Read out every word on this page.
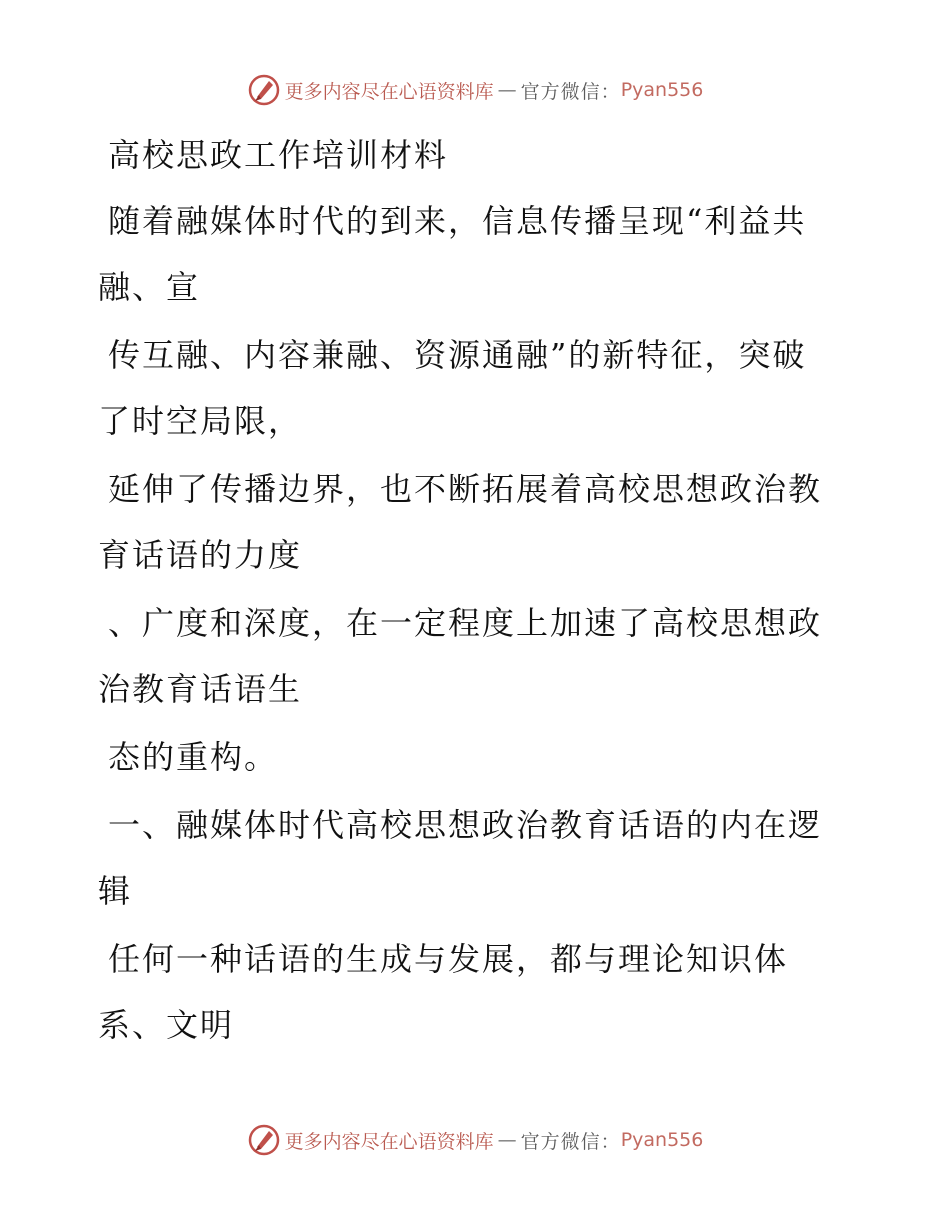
更多内容尽在心语资料库 — 官方微信： Pyan556
高校思政工作培训材料
随着融媒体时代的到来，信息传播呈现“利益共
融、宣
传互融、内容兼融、资源通融”的新特征，突破
了时空局限，
延伸了传播边界，也不断拓展着高校思想政治教
育话语的力度
、广度和深度，在一定程度上加速了高校思想政
治教育话语生
态的重构。
一、融媒体时代高校思想政治教育话语的内在逻
辑
任何一种话语的生成与发展，都与理论知识体
系、文明
更多内容尽在心语资料库 — 官方微信： Pyan556
